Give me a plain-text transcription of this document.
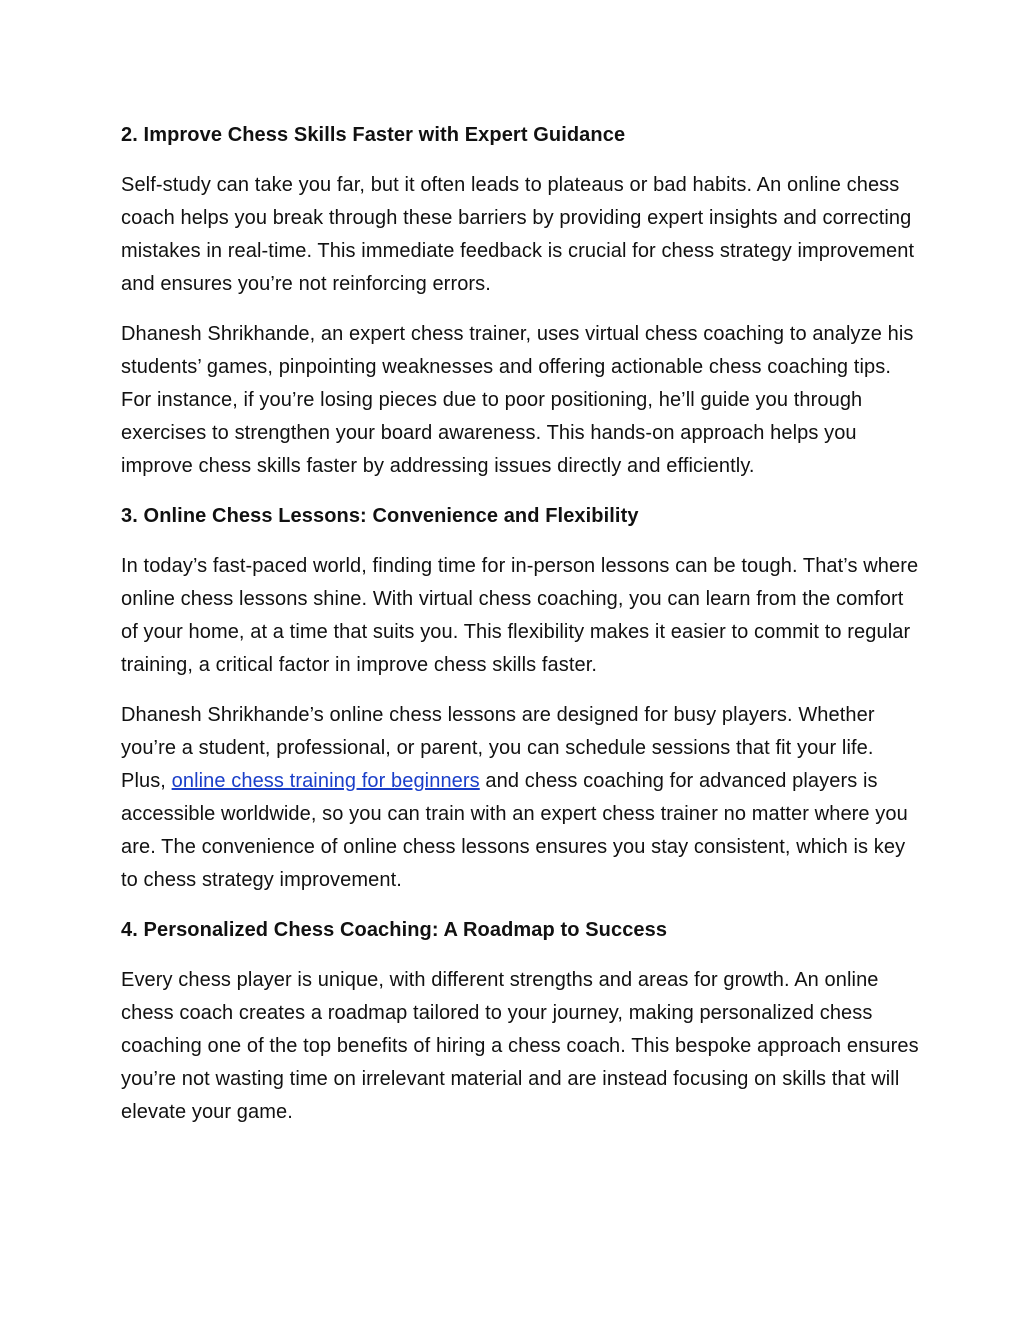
2. Improve Chess Skills Faster with Expert Guidance

Self-study can take you far, but it often leads to plateaus or bad habits. An online chess coach helps you break through these barriers by providing expert insights and correcting mistakes in real-time. This immediate feedback is crucial for chess strategy improvement and ensures you’re not reinforcing errors.

Dhanesh Shrikhande, an expert chess trainer, uses virtual chess coaching to analyze his students’ games, pinpointing weaknesses and offering actionable chess coaching tips. For instance, if you’re losing pieces due to poor positioning, he’ll guide you through exercises to strengthen your board awareness. This hands-on approach helps you improve chess skills faster by addressing issues directly and efficiently.

3. Online Chess Lessons: Convenience and Flexibility

In today’s fast-paced world, finding time for in-person lessons can be tough. That’s where online chess lessons shine. With virtual chess coaching, you can learn from the comfort of your home, at a time that suits you. This flexibility makes it easier to commit to regular training, a critical factor in improve chess skills faster.

Dhanesh Shrikhande’s online chess lessons are designed for busy players. Whether you’re a student, professional, or parent, you can schedule sessions that fit your life. Plus, online chess training for beginners and chess coaching for advanced players is accessible worldwide, so you can train with an expert chess trainer no matter where you are. The convenience of online chess lessons ensures you stay consistent, which is key to chess strategy improvement.

4. Personalized Chess Coaching: A Roadmap to Success

Every chess player is unique, with different strengths and areas for growth. An online chess coach creates a roadmap tailored to your journey, making personalized chess coaching one of the top benefits of hiring a chess coach. This bespoke approach ensures you’re not wasting time on irrelevant material and are instead focusing on skills that will elevate your game.
